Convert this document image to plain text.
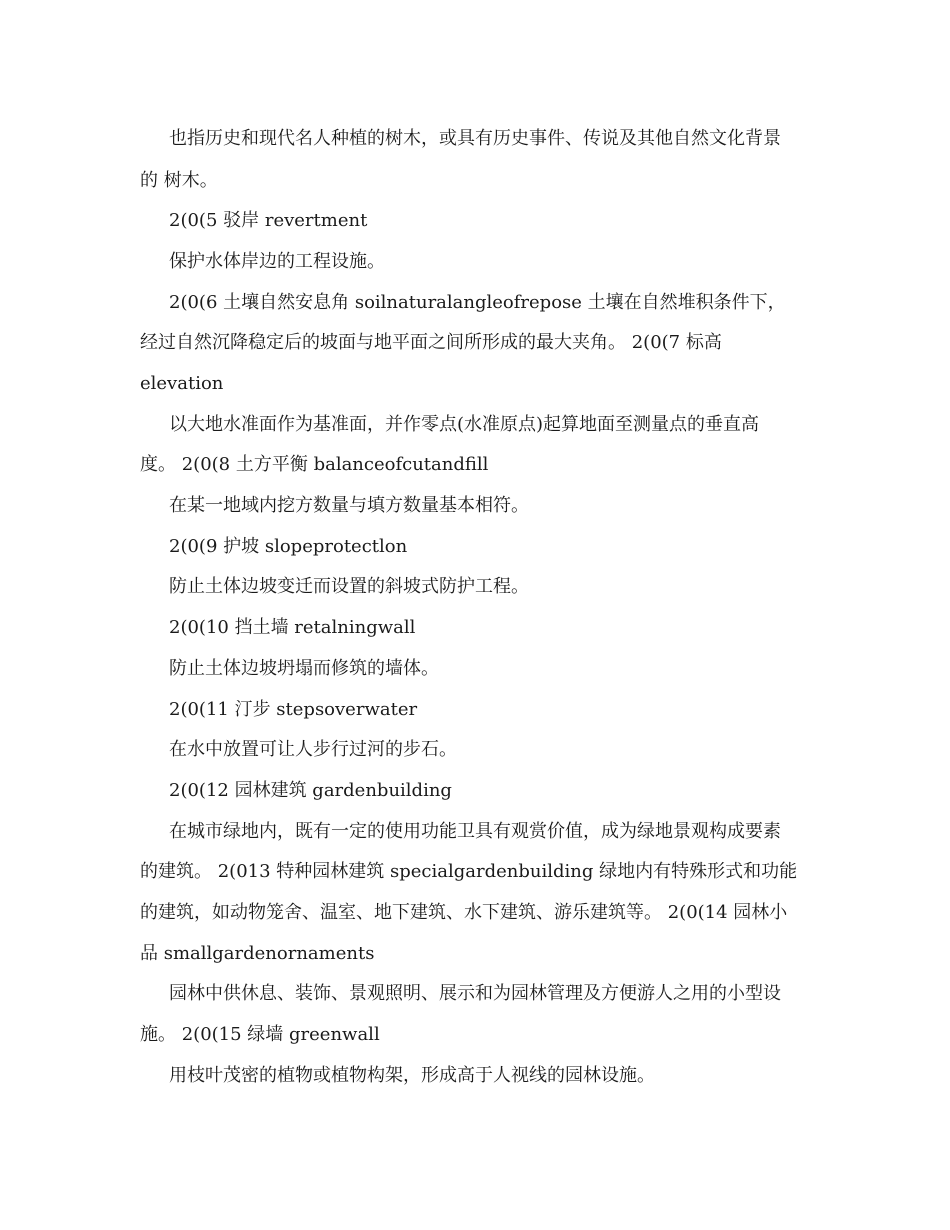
也指历史和现代名人种植的树木，或具有历史事件、传说及其他自然文化背景
的 树木。
2(0(5 驳岸 revertment
保护水体岸边的工程设施。
2(0(6 土壤自然安息角 soilnaturalangleofrepose 土壤在自然堆积条件下，
经过自然沉降稳定后的坡面与地平面之间所形成的最大夹角。 2(0(7 标高
elevation
以大地水准面作为基准面，并作零点(水准原点)起算地面至测量点的垂直高
度。 2(0(8 土方平衡 balanceofcutandfill
在某一地域内挖方数量与填方数量基本相符。
2(0(9 护坡 slopeprotectlon
防止土体边坡变迁而设置的斜坡式防护工程。
2(0(10 挡土墙 retalningwall
防止土体边坡坍塌而修筑的墙体。
2(0(11 汀步 stepsoverwater
在水中放置可让人步行过河的步石。
2(0(12 园林建筑 gardenbuilding
在城市绿地内，既有一定的使用功能卫具有观赏价值，成为绿地景观构成要素
的建筑。 2(013 特种园林建筑 specialgardenbuilding 绿地内有特殊形式和功能
的建筑，如动物笼舍、温室、地下建筑、水下建筑、游乐建筑等。 2(0(14 园林小
品 smallgardenornaments
园林中供休息、装饰、景观照明、展示和为园林管理及方便游人之用的小型设
施。 2(0(15 绿墙 greenwall
用枝叶茂密的植物或植物构架，形成高于人视线的园林设施。
